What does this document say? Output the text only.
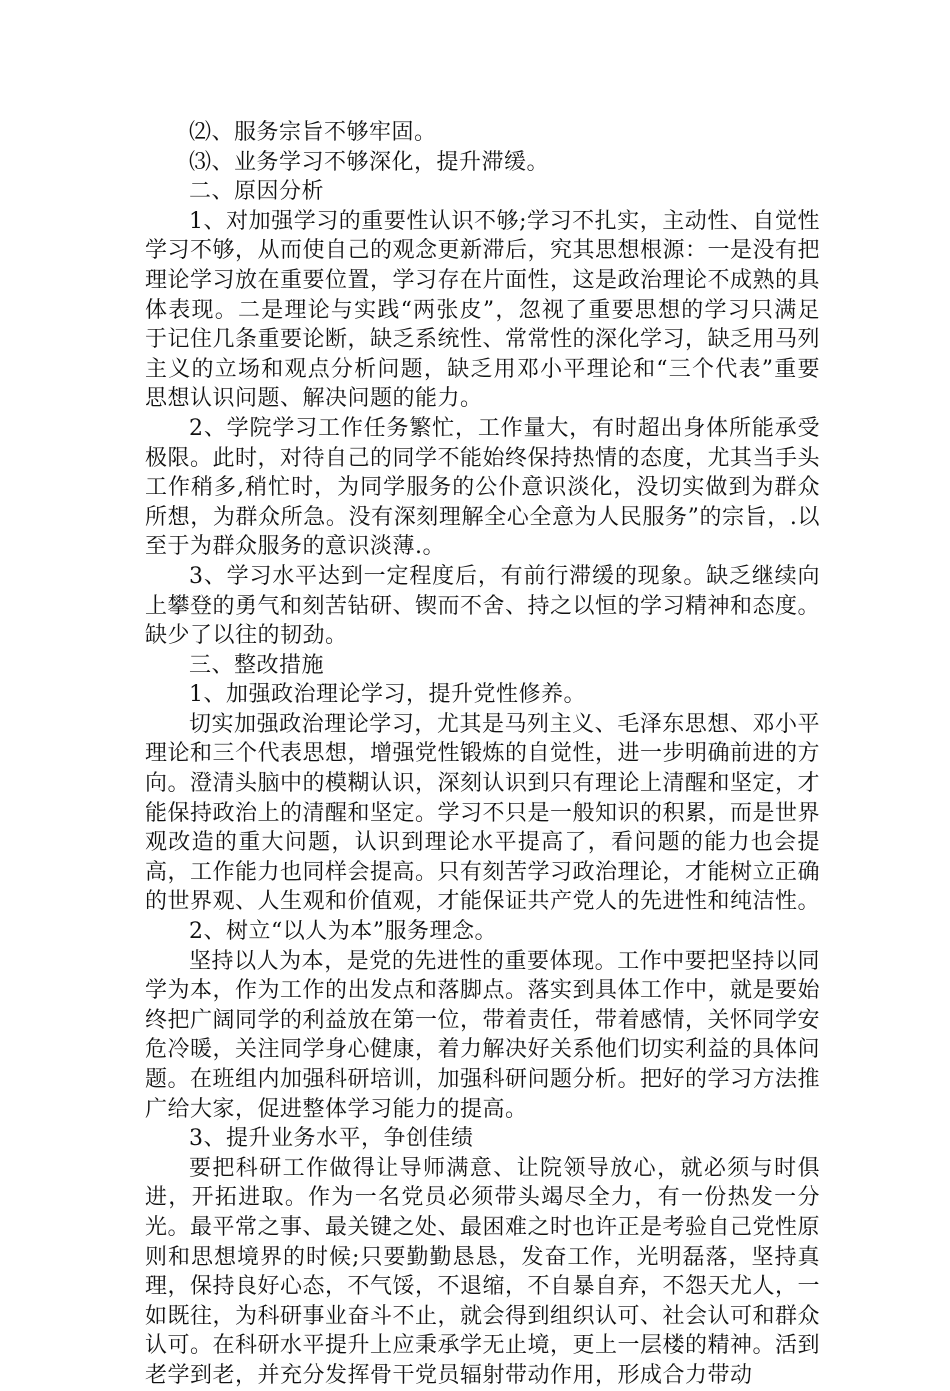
⑵、服务宗旨不够牢固。

⑶、业务学习不够深化，提升滞缓。

二、原因分析

1、对加强学习的重要性认识不够;学习不扎实，主动性、自觉性学习不够，从而使自己的观念更新滞后，究其思想根源：一是没有把理论学习放在重要位置，学习存在片面性，这是政治理论不成熟的具体表现。二是理论与实践“两张皮”，忽视了重要思想的学习只满足于记住几条重要论断，缺乏系统性、常常性的深化学习，缺乏用马列主义的立场和观点分析问题，缺乏用邓小平理论和“三个代表”重要思想认识问题、解决问题的能力。

2、学院学习工作任务繁忙，工作量大，有时超出身体所能承受极限。此时，对待自己的同学不能始终保持热情的态度，尤其当手头工作稍多,稍忙时，为同学服务的公仆意识淡化，没切实做到为群众所想，为群众所急。没有深刻理解全心全意为人民服务”的宗旨，.以至于为群众服务的意识淡薄.。

3、学习水平达到一定程度后，有前行滞缓的现象。缺乏继续向上攀登的勇气和刻苦钻研、锲而不舍、持之以恒的学习精神和态度。缺少了以往的韧劲。

三、整改措施

1、加强政治理论学习，提升党性修养。

切实加强政治理论学习，尤其是马列主义、毛泽东思想、邓小平理论和三个代表思想，增强党性锻炼的自觉性，进一步明确前进的方向。澄清头脑中的模糊认识，深刻认识到只有理论上清醒和坚定，才能保持政治上的清醒和坚定。学习不只是一般知识的积累，而是世界观改造的重大问题，认识到理论水平提高了，看问题的能力也会提高，工作能力也同样会提高。只有刻苦学习政治理论，才能树立正确的世界观、人生观和价值观，才能保证共产党人的先进性和纯洁性。

2、树立“以人为本”服务理念。

坚持以人为本，是党的先进性的重要体现。工作中要把坚持以同学为本，作为工作的出发点和落脚点。落实到具体工作中，就是要始终把广阔同学的利益放在第一位，带着责任，带着感情，关怀同学安危冷暖，关注同学身心健康，着力解决好关系他们切实利益的具体问题。在班组内加强科研培训，加强科研问题分析。把好的学习方法推广给大家，促进整体学习能力的提高。

3、提升业务水平，争创佳绩

要把科研工作做得让导师满意、让院领导放心，就必须与时俱进，开拓进取。作为一名党员必须带头竭尽全力，有一份热发一分光。最平常之事、最关键之处、最困难之时也许正是考验自己党性原则和思想境界的时候;只要勤勤恳恳，发奋工作，光明磊落，坚持真理，保持良好心态，不气馁，不退缩，不自暴自弃，不怨天尤人，一如既往，为科研事业奋斗不止，就会得到组织认可、社会认可和群众认可。在科研水平提升上应秉承学无止境，更上一层楼的精神。活到老学到老，并充分发挥骨干党员辐射带动作用，形成合力带动
